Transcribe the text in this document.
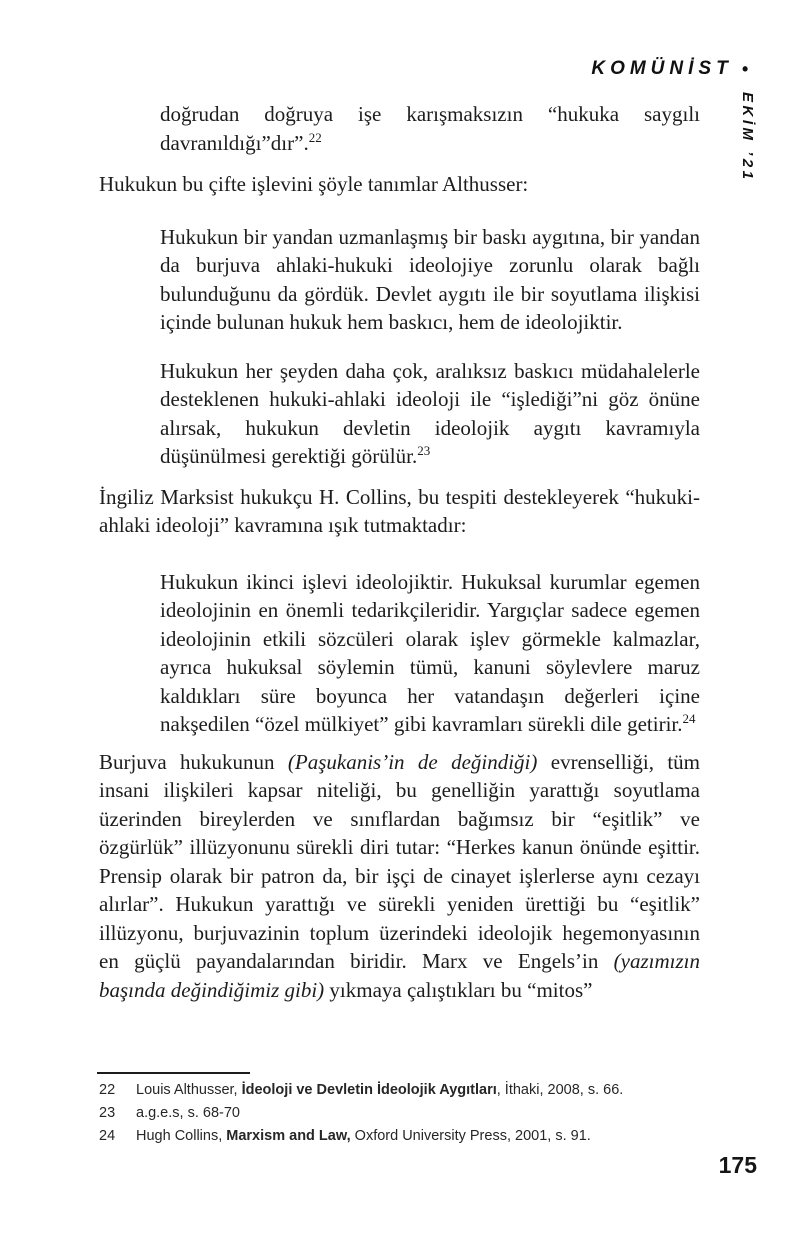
KOMÜNİST •
EKİM ’21
doğrudan doğruya işe karışmaksızın “hukuka saygılı davranıldığı”dır”.$^{22}$

Hukukun bu çifte işlevini şöyle tanımlar Althusser:

Hukukun bir yandan uzmanlaşmış bir baskı aygıtına, bir yandan da burjuva ahlaki-hukuki ideolojiye zorunlu olarak bağlı bulunduğunu da gördük. Devlet aygıtı ile bir soyutlama ilişkisi içinde bulunan hukuk hem baskıcı, hem de ideolojiktir.
Hukukun her şeyden daha çok, aralıksız baskıcı müdahalelerle desteklenen hukuki-ahlaki ideoloji ile “işlediği”ni göz önüne alırsak, hukukun devletin ideolojik aygıtı kavramıyla düşünülmesi gerektiği görülür.$^{23}$

İngiliz Marksist hukukçu H. Collins, bu tespiti destekleyerek “hukuki-ahlaki ideoloji” kavramına ışık tutmaktadır:

Hukukun ikinci işlevi ideolojiktir. Hukuksal kurumlar egemen ideolojinin en önemli tedarikçileridir. Yargıçlar sadece egemen ideolojinin etkili sözcüleri olarak işlev görmekle kalmazlar, ayrıca hukuksal söylemin tümü, kanuni söylevlere maruz kaldıkları süre boyunca her vatandaşın değerleri içine nakşedilen “özel mülkiyet” gibi kavramları sürekli dile getirir.$^{24}$

Burjuva hukukunun (Paşukanis’in de değindiği) evrenselliği, tüm insani ilişkileri kapsar niteliği, bu genelliğin yarattığı soyutlama üzerinden bireylerden ve sınıflardan bağımsız bir “eşitlik” ve özgürlük” illüzyonunu sürekli diri tutar: “Herkes kanun önünde eşittir. Prensip olarak bir patron da, bir işçi de cinayet işlerlerse aynı cezayı alırlar”. Hukukun yarattığı ve sürekli yeniden ürettiği bu “eşitlik” illüzyonu, burjuvazinin toplum üzerindeki ideolojik hegemonyasının en güçlü payandalarından biridir. Marx ve Engels’in (yazımızın başında değindiğimiz gibi) yıkmaya çalıştıkları bu “mitos”

22	Louis Althusser, İdeoloji ve Devletin İdeolojik Aygıtları, İthaki, 2008, s. 66.
23	a.g.e.s, s. 68-70
24	Hugh Collins, Marxism and Law, Oxford University Press, 2001, s. 91.
175
